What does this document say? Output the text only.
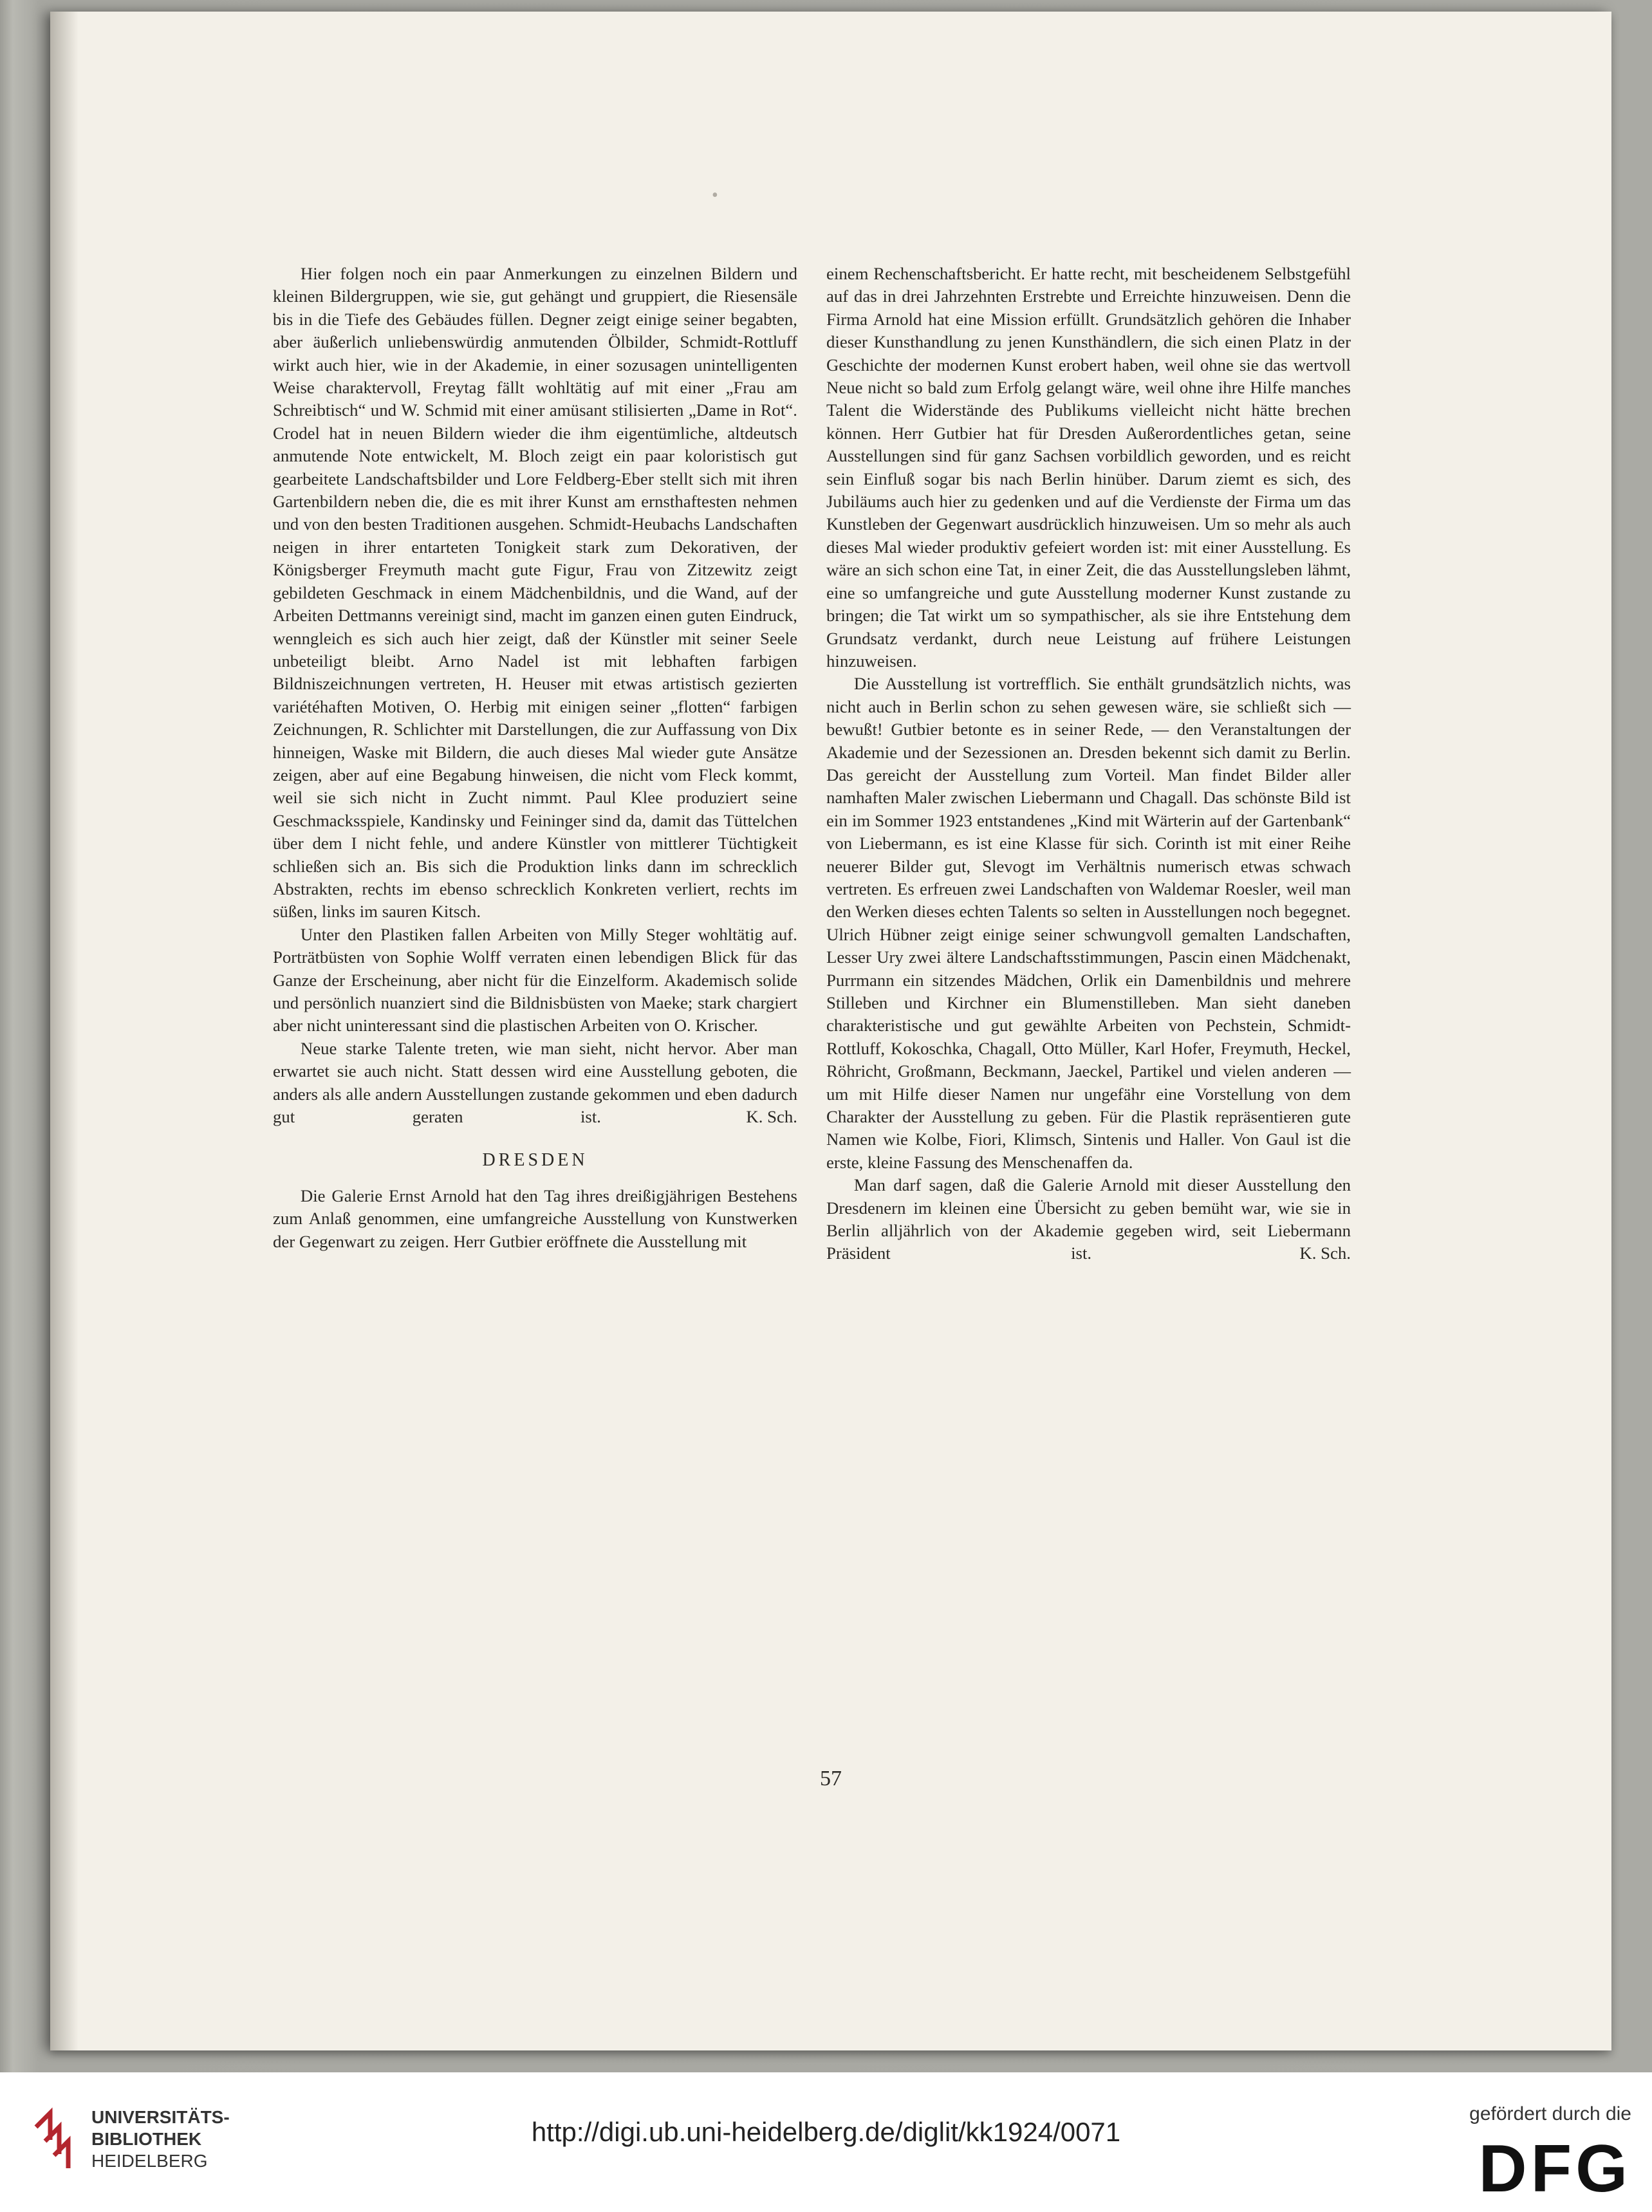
•

Hier folgen noch ein paar Anmerkungen zu einzelnen Bildern und kleinen Bildergruppen, wie sie, gut gehängt und gruppiert, die Riesensäle bis in die Tiefe des Gebäudes füllen. Degner zeigt einige seiner begabten, aber äußerlich unliebenswürdig anmutenden Ölbilder, Schmidt-Rottluff wirkt auch hier, wie in der Akademie, in einer sozusagen unintelligenten Weise charaktervoll, Freytag fällt wohltätig auf mit einer „Frau am Schreibtisch“ und W. Schmid mit einer amüsant stilisierten „Dame in Rot“. Crodel hat in neuen Bildern wieder die ihm eigentümliche, altdeutsch anmutende Note entwickelt, M. Bloch zeigt ein paar koloristisch gut gearbeitete Landschaftsbilder und Lore Feldberg-Eber stellt sich mit ihren Gartenbildern neben die, die es mit ihrer Kunst am ernsthaftesten nehmen und von den besten Traditionen ausgehen. Schmidt-Heubachs Landschaften neigen in ihrer entarteten Tonigkeit stark zum Dekorativen, der Königsberger Freymuth macht gute Figur, Frau von Zitzewitz zeigt gebildeten Geschmack in einem Mädchenbildnis, und die Wand, auf der Arbeiten Dettmanns vereinigt sind, macht im ganzen einen guten Eindruck, wenngleich es sich auch hier zeigt, daß der Künstler mit seiner Seele unbeteiligt bleibt. Arno Nadel ist mit lebhaften farbigen Bildniszeichnungen vertreten, H. Heuser mit etwas artistisch gezierten variétéhaften Motiven, O. Herbig mit einigen seiner „flotten“ farbigen Zeichnungen, R. Schlichter mit Darstellungen, die zur Auffassung von Dix hinneigen, Waske mit Bildern, die auch dieses Mal wieder gute Ansätze zeigen, aber auf eine Begabung hinweisen, die nicht vom Fleck kommt, weil sie sich nicht in Zucht nimmt. Paul Klee produziert seine Geschmacksspiele, Kandinsky und Feininger sind da, damit das Tüttelchen über dem I nicht fehle, und andere Künstler von mittlerer Tüchtigkeit schließen sich an. Bis sich die Produktion links dann im schrecklich Abstrakten, rechts im ebenso schrecklich Konkreten verliert, rechts im süßen, links im sauren Kitsch.

Unter den Plastiken fallen Arbeiten von Milly Steger wohltätig auf. Porträtbüsten von Sophie Wolff verraten einen lebendigen Blick für das Ganze der Erscheinung, aber nicht für die Einzelform. Akademisch solide und persönlich nuanziert sind die Bildnisbüsten von Maeke; stark chargiert aber nicht uninteressant sind die plastischen Arbeiten von O. Krischer.

Neue starke Talente treten, wie man sieht, nicht hervor. Aber man erwartet sie auch nicht. Statt dessen wird eine Ausstellung geboten, die anders als alle andern Ausstellungen zustande gekommen und eben dadurch gut geraten ist.	K. Sch.

DRESDEN

Die Galerie Ernst Arnold hat den Tag ihres dreißigjährigen Bestehens zum Anlaß genommen, eine umfangreiche Ausstellung von Kunstwerken der Gegenwart zu zeigen. Herr Gutbier eröffnete die Ausstellung mit

einem Rechenschaftsbericht. Er hatte recht, mit bescheidenem Selbstgefühl auf das in drei Jahrzehnten Erstrebte und Erreichte hinzuweisen. Denn die Firma Arnold hat eine Mission erfüllt. Grundsätzlich gehören die Inhaber dieser Kunsthandlung zu jenen Kunsthändlern, die sich einen Platz in der Geschichte der modernen Kunst erobert haben, weil ohne sie das wertvoll Neue nicht so bald zum Erfolg gelangt wäre, weil ohne ihre Hilfe manches Talent die Widerstände des Publikums vielleicht nicht hätte brechen können. Herr Gutbier hat für Dresden Außerordentliches getan, seine Ausstellungen sind für ganz Sachsen vorbildlich geworden, und es reicht sein Einfluß sogar bis nach Berlin hinüber. Darum ziemt es sich, des Jubiläums auch hier zu gedenken und auf die Verdienste der Firma um das Kunstleben der Gegenwart ausdrücklich hinzuweisen. Um so mehr als auch dieses Mal wieder produktiv gefeiert worden ist: mit einer Ausstellung. Es wäre an sich schon eine Tat, in einer Zeit, die das Ausstellungsleben lähmt, eine so umfangreiche und gute Ausstellung moderner Kunst zustande zu bringen; die Tat wirkt um so sympathischer, als sie ihre Entstehung dem Grundsatz verdankt, durch neue Leistung auf frühere Leistungen hinzuweisen.

Die Ausstellung ist vortrefflich. Sie enthält grundsätzlich nichts, was nicht auch in Berlin schon zu sehen gewesen wäre, sie schließt sich — bewußt! Gutbier betonte es in seiner Rede, — den Veranstaltungen der Akademie und der Sezessionen an. Dresden bekennt sich damit zu Berlin. Das gereicht der Ausstellung zum Vorteil. Man findet Bilder aller namhaften Maler zwischen Liebermann und Chagall. Das schönste Bild ist ein im Sommer 1923 entstandenes „Kind mit Wärterin auf der Gartenbank“ von Liebermann, es ist eine Klasse für sich. Corinth ist mit einer Reihe neuerer Bilder gut, Slevogt im Verhältnis numerisch etwas schwach vertreten. Es erfreuen zwei Landschaften von Waldemar Roesler, weil man den Werken dieses echten Talents so selten in Ausstellungen noch begegnet. Ulrich Hübner zeigt einige seiner schwungvoll gemalten Landschaften, Lesser Ury zwei ältere Landschaftsstimmungen, Pascin einen Mädchenakt, Purrmann ein sitzendes Mädchen, Orlik ein Damenbildnis und mehrere Stilleben und Kirchner ein Blumenstilleben. Man sieht daneben charakteristische und gut gewählte Arbeiten von Pechstein, Schmidt-Rottluff, Kokoschka, Chagall, Otto Müller, Karl Hofer, Freymuth, Heckel, Röhricht, Großmann, Beckmann, Jaeckel, Partikel und vielen anderen — um mit Hilfe dieser Namen nur ungefähr eine Vorstellung von dem Charakter der Ausstellung zu geben. Für die Plastik repräsentieren gute Namen wie Kolbe, Fiori, Klimsch, Sintenis und Haller. Von Gaul ist die erste, kleine Fassung des Menschenaffen da.

Man darf sagen, daß die Galerie Arnold mit dieser Ausstellung den Dresdenern im kleinen eine Übersicht zu geben bemüht war, wie sie in Berlin alljährlich von der Akademie gegeben wird, seit Liebermann Präsident ist.	K. Sch.

57
UNIVERSITÄTS-
BIBLIOTHEK
HEIDELBERG
http://digi.ub.uni-heidelberg.de/diglit/kk1924/0071
gefördert durch die
DFG
